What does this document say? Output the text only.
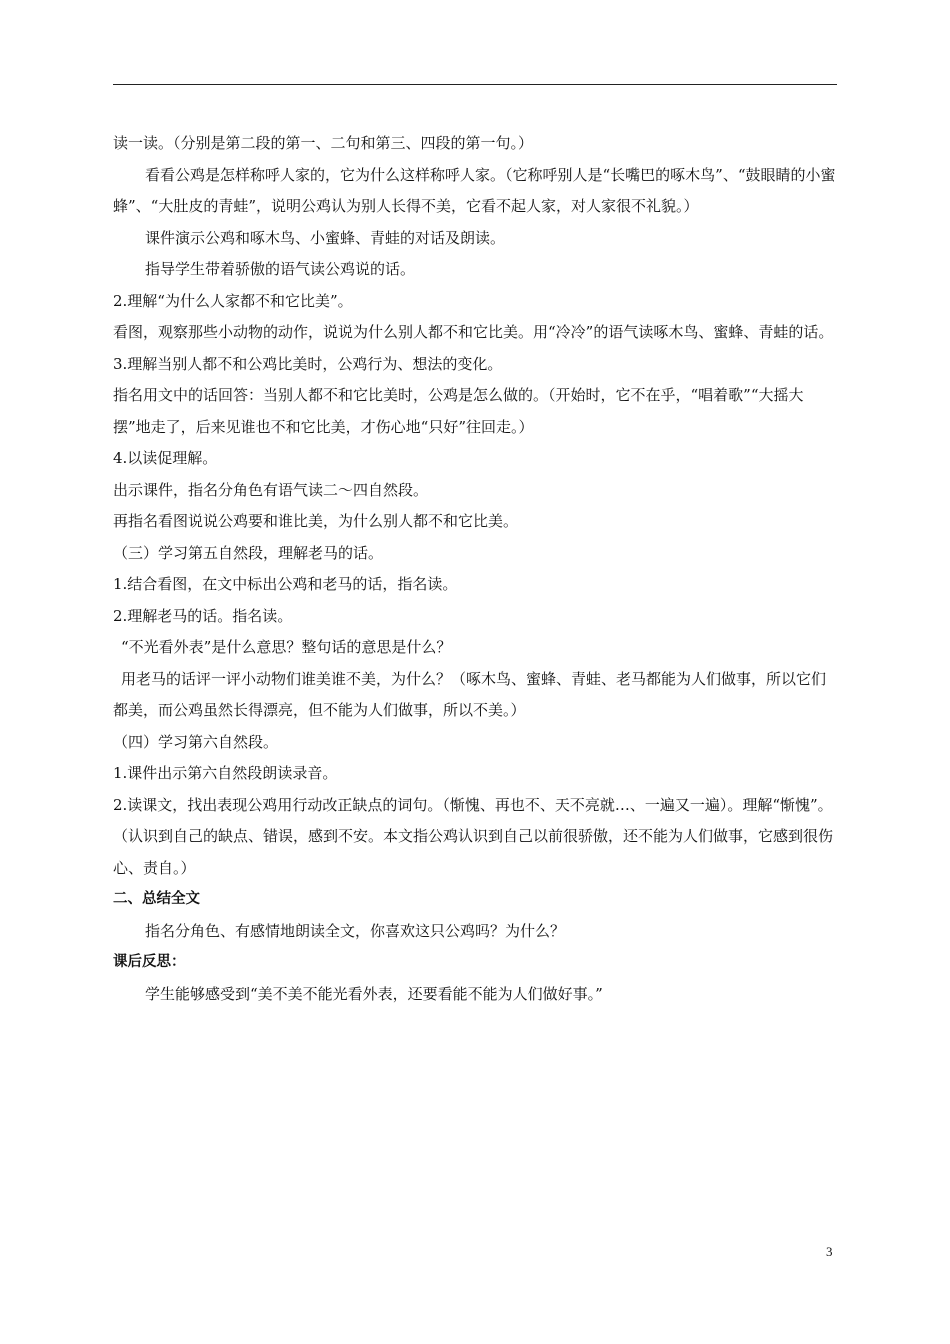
读一读。（分别是第二段的第一、二句和第三、四段的第一句。）

看看公鸡是怎样称呼人家的，它为什么这样称呼人家。（它称呼别人是“长嘴巴的啄木鸟”、“鼓眼睛的小蜜蜂”、“大肚皮的青蛙”，说明公鸡认为别人长得不美，它看不起人家，对人家很不礼貌。）

课件演示公鸡和啄木鸟、小蜜蜂、青蛙的对话及朗读。

指导学生带着骄傲的语气读公鸡说的话。

2.理解“为什么人家都不和它比美”。

看图，观察那些小动物的动作，说说为什么别人都不和它比美。用“冷冷”的语气读啄木鸟、蜜蜂、青蛙的话。

3.理解当别人都不和公鸡比美时，公鸡行为、想法的变化。

指名用文中的话回答：当别人都不和它比美时，公鸡是怎么做的。（开始时，它不在乎，“唱着歌”“大摇大摆”地走了，后来见谁也不和它比美，才伤心地“只好”往回走。）

4.以读促理解。

出示课件，指名分角色有语气读二～四自然段。

再指名看图说说公鸡要和谁比美，为什么别人都不和它比美。

（三）学习第五自然段，理解老马的话。

1.结合看图，在文中标出公鸡和老马的话，指名读。

2.理解老马的话。指名读。

“不光看外表”是什么意思？整句话的意思是什么？

用老马的话评一评小动物们谁美谁不美，为什么？（啄木鸟、蜜蜂、青蛙、老马都能为人们做事，所以它们都美，而公鸡虽然长得漂亮，但不能为人们做事，所以不美。）

（四）学习第六自然段。

1.课件出示第六自然段朗读录音。

2.读课文，找出表现公鸡用行动改正缺点的词句。（惭愧、再也不、天不亮就…、一遍又一遍）。理解“惭愧”。（认识到自己的缺点、错误，感到不安。本文指公鸡认识到自己以前很骄傲，还不能为人们做事，它感到很伤心、责自。）

二、总结全文

指名分角色、有感情地朗读全文，你喜欢这只公鸡吗？为什么？

课后反思：

学生能够感受到“美不美不能光看外表，还要看能不能为人们做好事。”

3
